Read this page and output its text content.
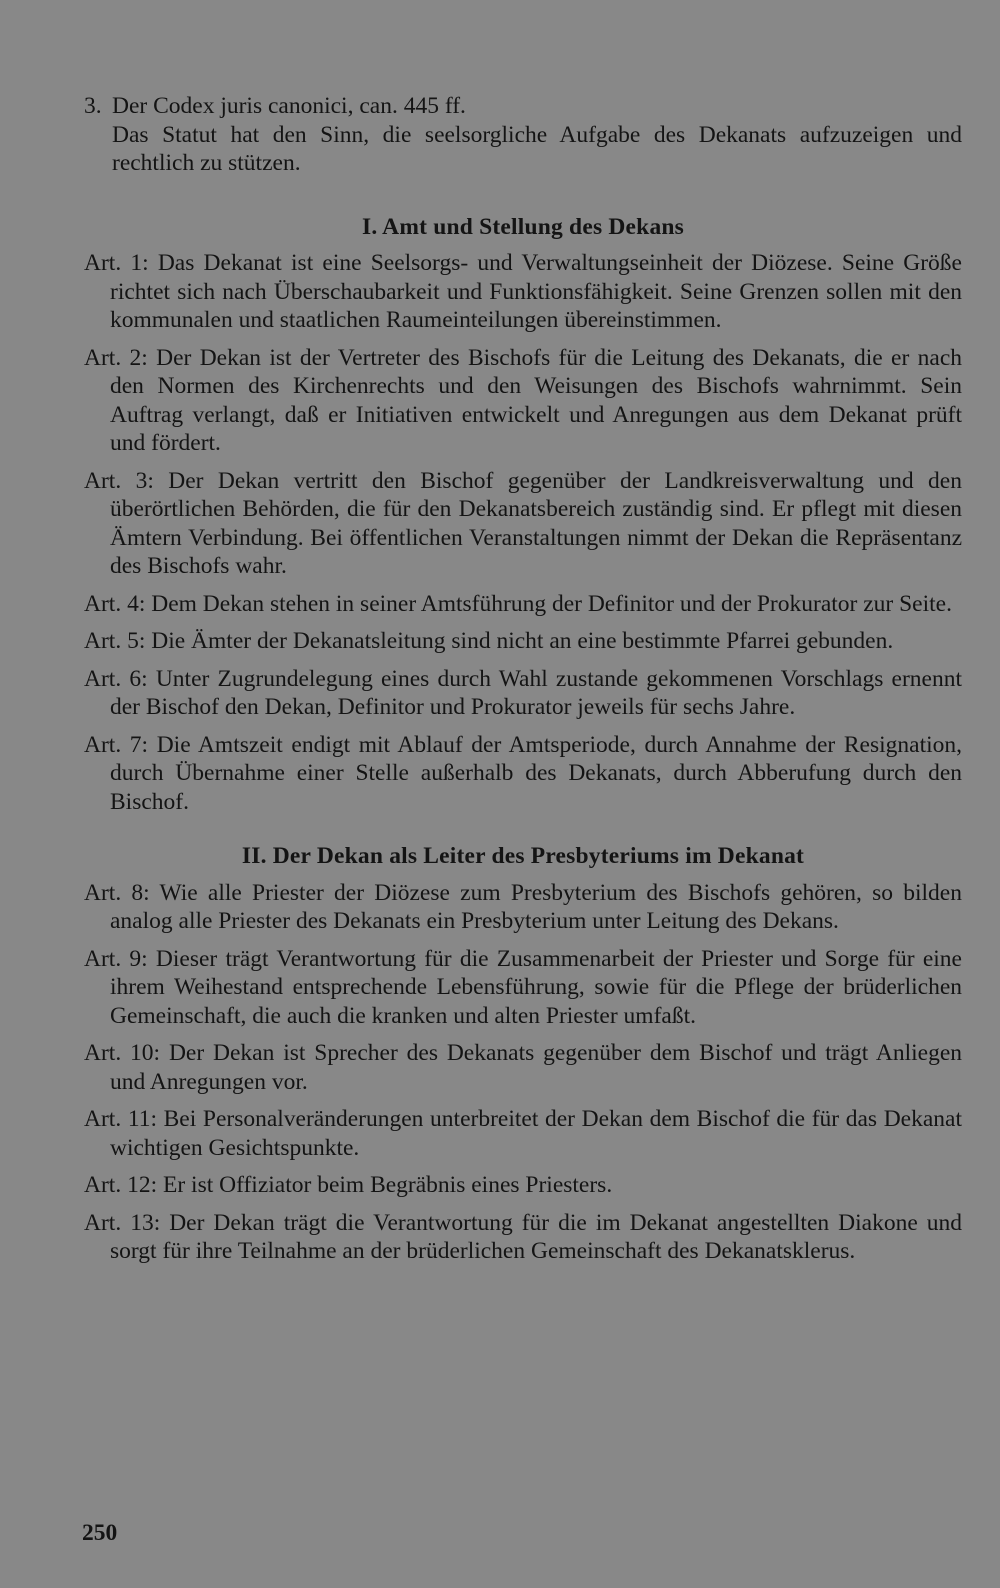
3. Der Codex juris canonici, can. 445 ff.
Das Statut hat den Sinn, die seelsorgliche Aufgabe des Dekanats aufzuzeigen und rechtlich zu stützen.

I. Amt und Stellung des Dekans

Art. 1: Das Dekanat ist eine Seelsorgs- und Verwaltungseinheit der Diözese. Seine Größe richtet sich nach Überschaubarkeit und Funktionsfähigkeit. Seine Grenzen sollen mit den kommunalen und staatlichen Raumeinteilungen übereinstimmen.

Art. 2: Der Dekan ist der Vertreter des Bischofs für die Leitung des Dekanats, die er nach den Normen des Kirchenrechts und den Weisungen des Bischofs wahrnimmt. Sein Auftrag verlangt, daß er Initiativen entwickelt und Anregungen aus dem Dekanat prüft und fördert.

Art. 3: Der Dekan vertritt den Bischof gegenüber der Landkreisverwaltung und den überörtlichen Behörden, die für den Dekanatsbereich zuständig sind. Er pflegt mit diesen Ämtern Verbindung. Bei öffentlichen Veranstaltungen nimmt der Dekan die Repräsentanz des Bischofs wahr.

Art. 4: Dem Dekan stehen in seiner Amtsführung der Definitor und der Prokurator zur Seite.

Art. 5: Die Ämter der Dekanatsleitung sind nicht an eine bestimmte Pfarrei gebunden.

Art. 6: Unter Zugrundelegung eines durch Wahl zustande gekommenen Vorschlags ernennt der Bischof den Dekan, Definitor und Prokurator jeweils für sechs Jahre.

Art. 7: Die Amtszeit endigt mit Ablauf der Amtsperiode, durch Annahme der Resignation, durch Übernahme einer Stelle außerhalb des Dekanats, durch Abberufung durch den Bischof.

II. Der Dekan als Leiter des Presbyteriums im Dekanat

Art. 8: Wie alle Priester der Diözese zum Presbyterium des Bischofs gehören, so bilden analog alle Priester des Dekanats ein Presbyterium unter Leitung des Dekans.

Art. 9: Dieser trägt Verantwortung für die Zusammenarbeit der Priester und Sorge für eine ihrem Weihestand entsprechende Lebensführung, sowie für die Pflege der brüderlichen Gemeinschaft, die auch die kranken und alten Priester umfaßt.

Art. 10: Der Dekan ist Sprecher des Dekanats gegenüber dem Bischof und trägt Anliegen und Anregungen vor.

Art. 11: Bei Personalveränderungen unterbreitet der Dekan dem Bischof die für das Dekanat wichtigen Gesichtspunkte.

Art. 12: Er ist Offiziator beim Begräbnis eines Priesters.

Art. 13: Der Dekan trägt die Verantwortung für die im Dekanat angestellten Diakone und sorgt für ihre Teilnahme an der brüderlichen Gemeinschaft des Dekanatsklerus.

250
